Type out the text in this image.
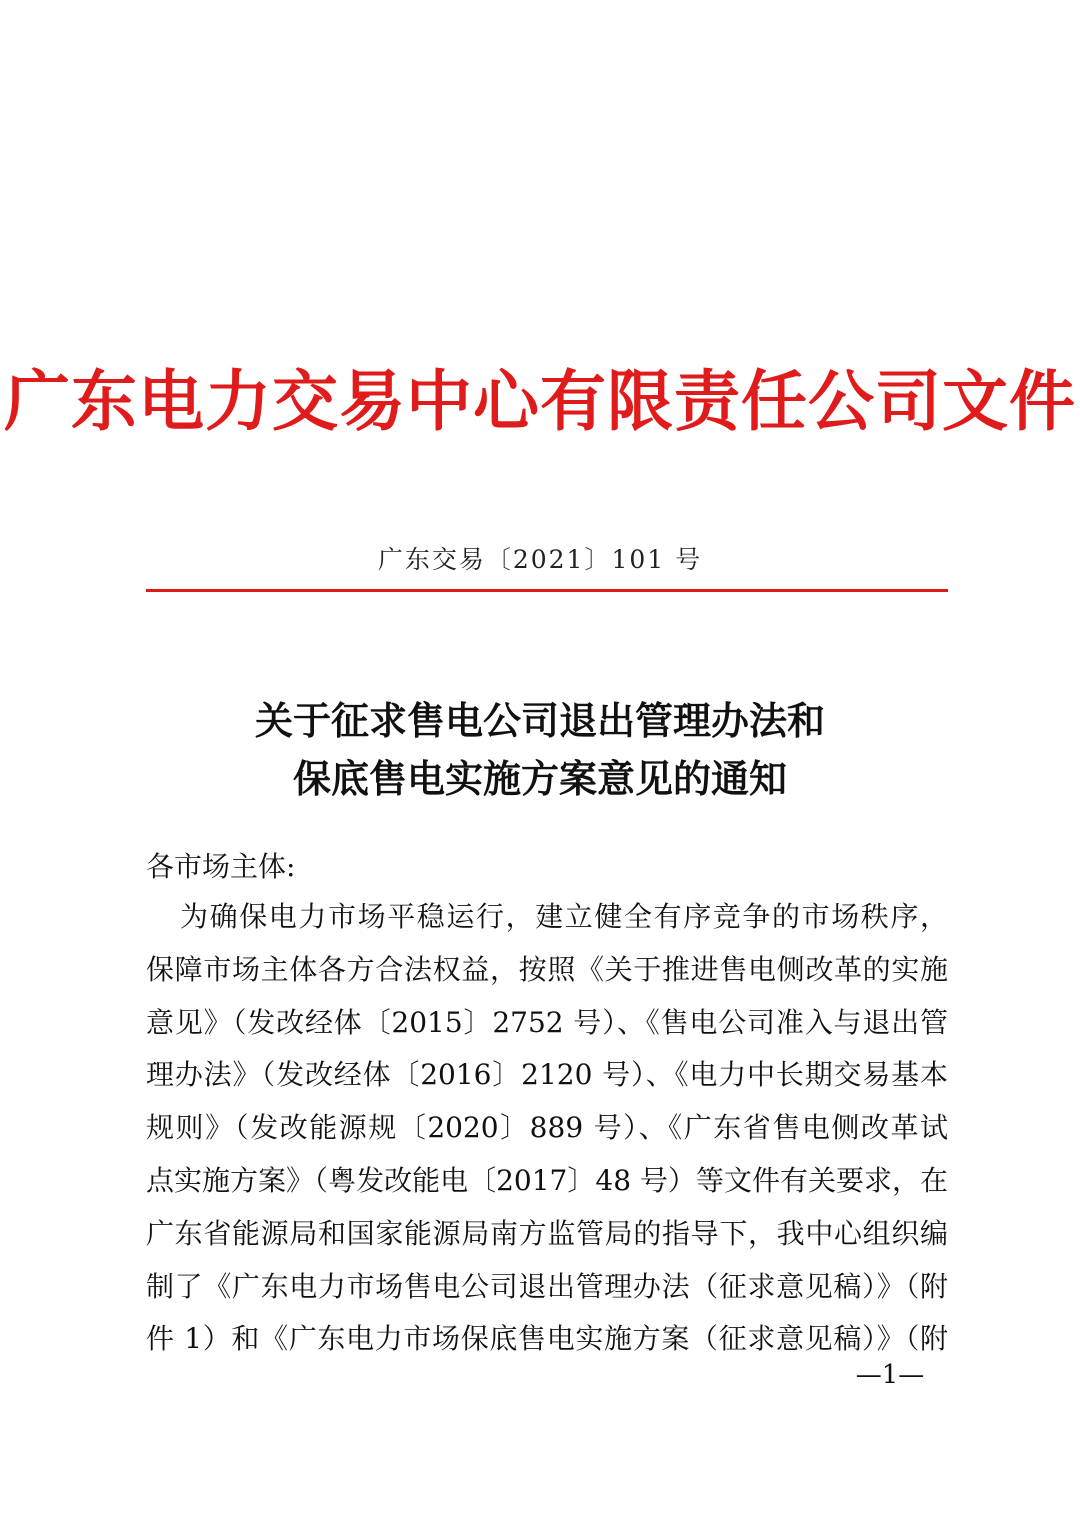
广东电力交易中心有限责任公司文件
广东交易〔2021〕101 号
关于征求售电公司退出管理办法和
保底售电实施方案意见的通知
各市场主体:
为确保电力市场平稳运行，建立健全有序竞争的市场秩序，
保障市场主体各方合法权益，按照《关于推进售电侧改革的实施
意见》（发改经体〔2015〕2752 号）、《售电公司准入与退出管
理办法》（发改经体〔2016〕2120 号）、《电力中长期交易基本
规则》（发改能源规〔2020〕889 号）、《广东省售电侧改革试
点实施方案》（粤发改能电〔2017〕48 号）等文件有关要求，在
广东省能源局和国家能源局南方监管局的指导下，我中心组织编
制了《广东电力市场售电公司退出管理办法（征求意见稿）》（附
件 1）和《广东电力市场保底售电实施方案（征求意见稿）》（附
—1—
